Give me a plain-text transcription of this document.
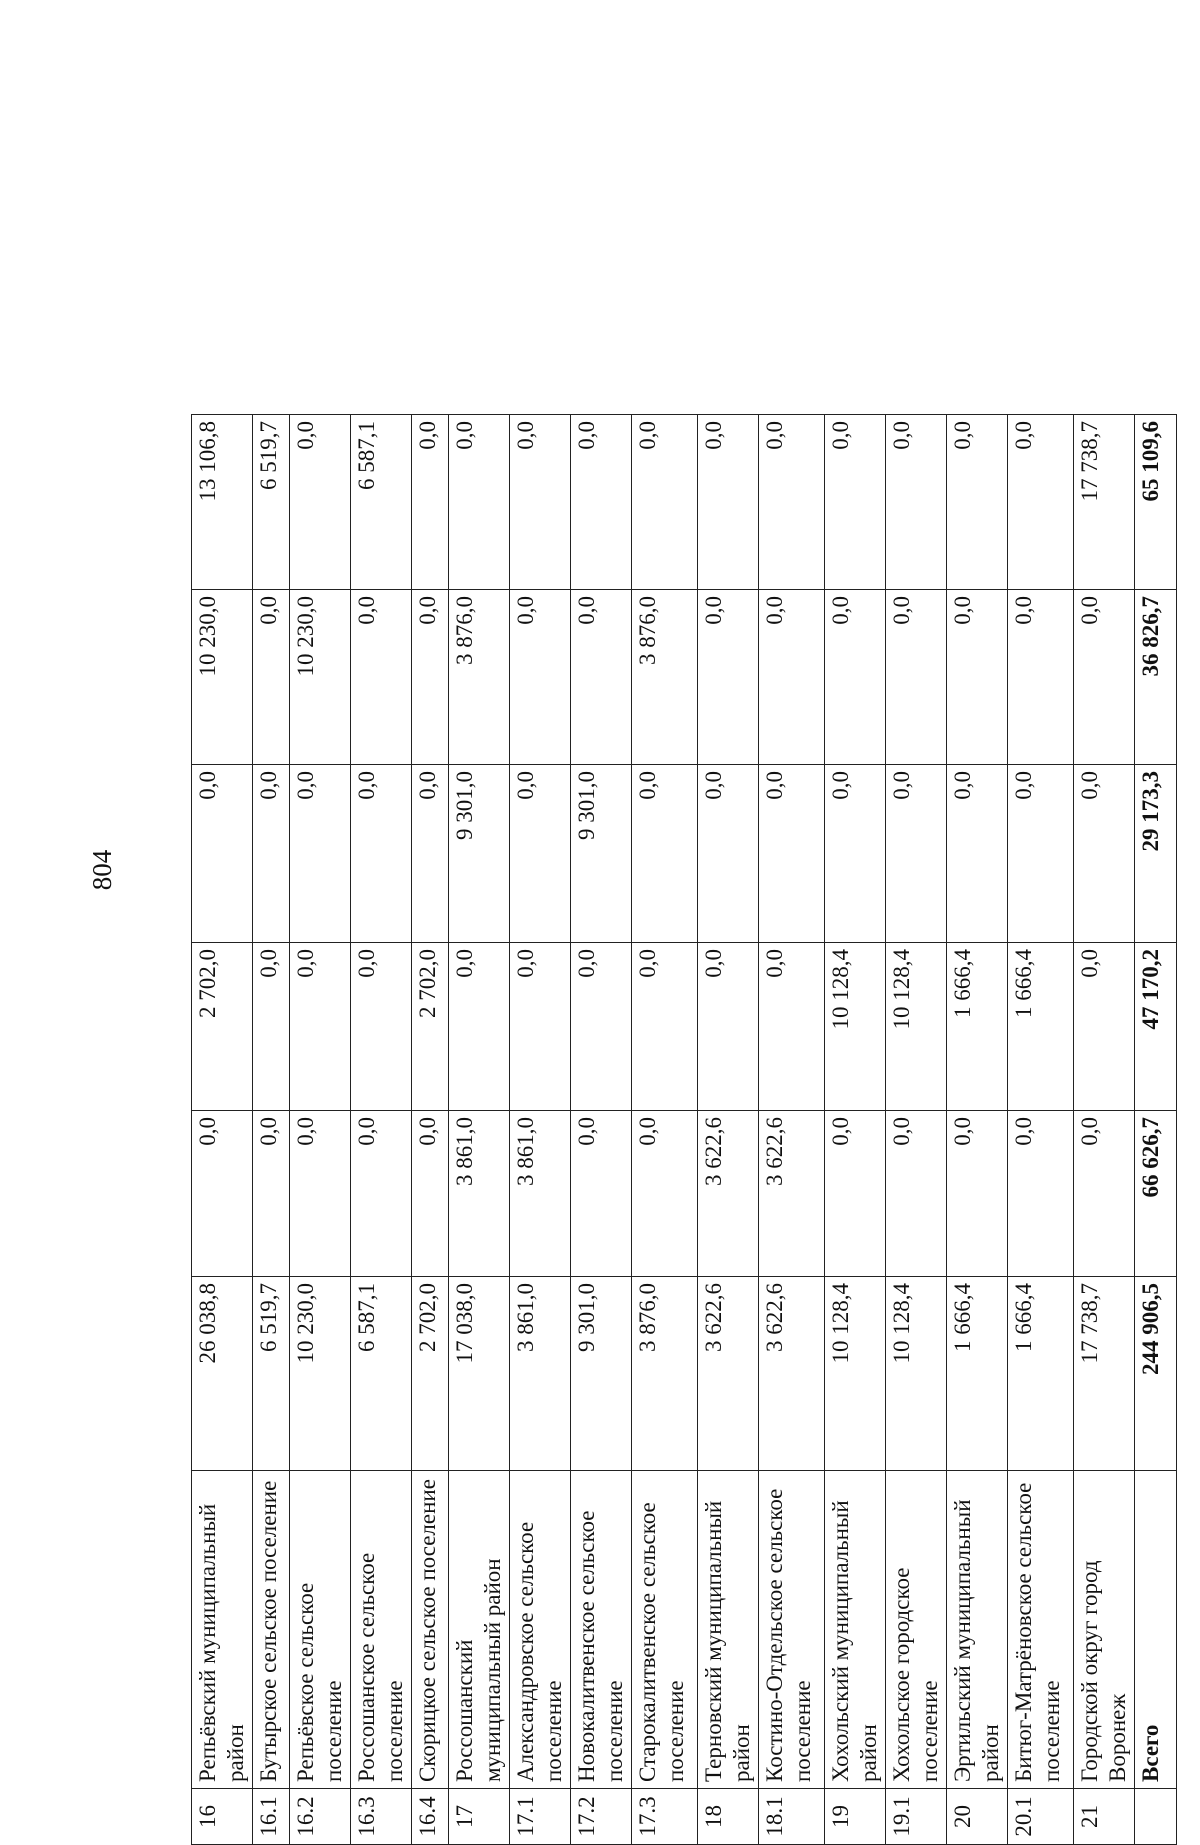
804
16	Репьёвский муниципальный район	26 038,8	0,0	2 702,0	0,0	10 230,0	13 106,8
16.1	Бутырское сельское поселение	6 519,7	0,0	0,0	0,0	0,0	6 519,7
16.2	Репьёвское сельское поселение	10 230,0	0,0	0,0	0,0	10 230,0	0,0
16.3	Россошанское сельское поселение	6 587,1	0,0	0,0	0,0	0,0	6 587,1
16.4	Скорицкое сельское поселение	2 702,0	0,0	2 702,0	0,0	0,0	0,0
17	Россошанский муниципальный район	17 038,0	3 861,0	0,0	9 301,0	3 876,0	0,0
17.1	Александровское сельское поселение	3 861,0	3 861,0	0,0	0,0	0,0	0,0
17.2	Новокалитвенское сельское поселение	9 301,0	0,0	0,0	9 301,0	0,0	0,0
17.3	Старокалитвенское сельское поселение	3 876,0	0,0	0,0	0,0	3 876,0	0,0
18	Терновский муниципальный район	3 622,6	3 622,6	0,0	0,0	0,0	0,0
18.1	Костино-Отдельское сельское поселение	3 622,6	3 622,6	0,0	0,0	0,0	0,0
19	Хохольский муниципальный район	10 128,4	0,0	10 128,4	0,0	0,0	0,0
19.1	Хохольское городское поселение	10 128,4	0,0	10 128,4	0,0	0,0	0,0
20	Эртильский муниципальный район	1 666,4	0,0	1 666,4	0,0	0,0	0,0
20.1	Битюг-Матрёновское сельское поселение	1 666,4	0,0	1 666,4	0,0	0,0	0,0
21	Городской округ город Воронеж	17 738,7	0,0	0,0	0,0	0,0	17 738,7
	Всего	244 906,5	66 626,7	47 170,2	29 173,3	36 826,7	65 109,6
